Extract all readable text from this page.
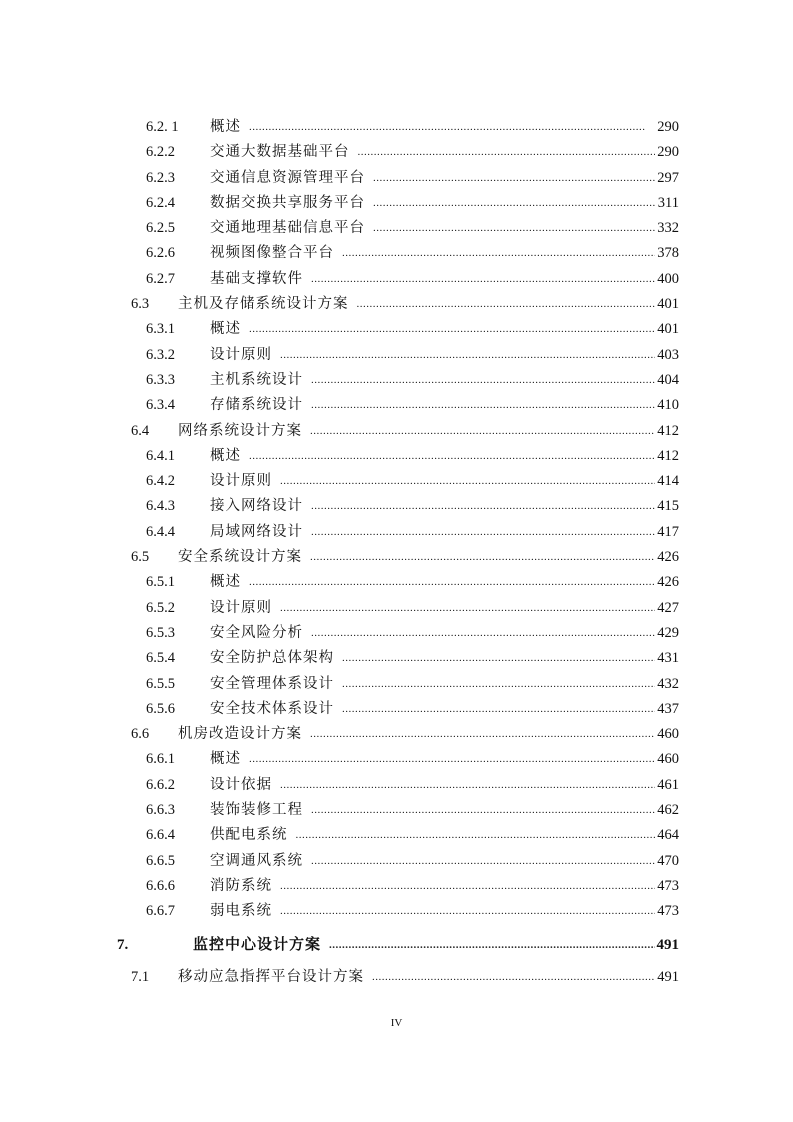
6.2. 1 概述 .....	290
6.2.2 交通大数据基础平台 .....	290
6.2.3 交通信息资源管理平台 .....	297
6.2.4 数据交换共享服务平台 .....	311
6.2.5 交通地理基础信息平台 .....	332
6.2.6 视频图像整合平台 .....	378
6.2.7 基础支撑软件 .....	400
6.3 主机及存储系统设计方案 .....	401
6.3.1 概述 .....	401
6.3.2 设计原则 .....	403
6.3.3 主机系统设计 .....	404
6.3.4 存储系统设计 .....	410
6.4 网络系统设计方案 .....	412
6.4.1 概述 .....	412
6.4.2 设计原则 .....	414
6.4.3 接入网络设计 .....	415
6.4.4 局域网络设计 .....	417
6.5 安全系统设计方案 .....	426
6.5.1 概述 .....	426
6.5.2 设计原则 .....	427
6.5.3 安全风险分析 .....	429
6.5.4 安全防护总体架构 .....	431
6.5.5 安全管理体系设计 .....	432
6.5.6 安全技术体系设计 .....	437
6.6 机房改造设计方案 .....	460
6.6.1 概述 .....	460
6.6.2 设计依据 .....	461
6.6.3 装饰装修工程 .....	462
6.6.4 供配电系统 .....	464
6.6.5 空调通风系统 .....	470
6.6.6 消防系统 .....	473
6.6.7 弱电系统 .....	473
7.	监控中心设计方案 .....	491
7.1 移动应急指挥平台设计方案 .....	491
IV
